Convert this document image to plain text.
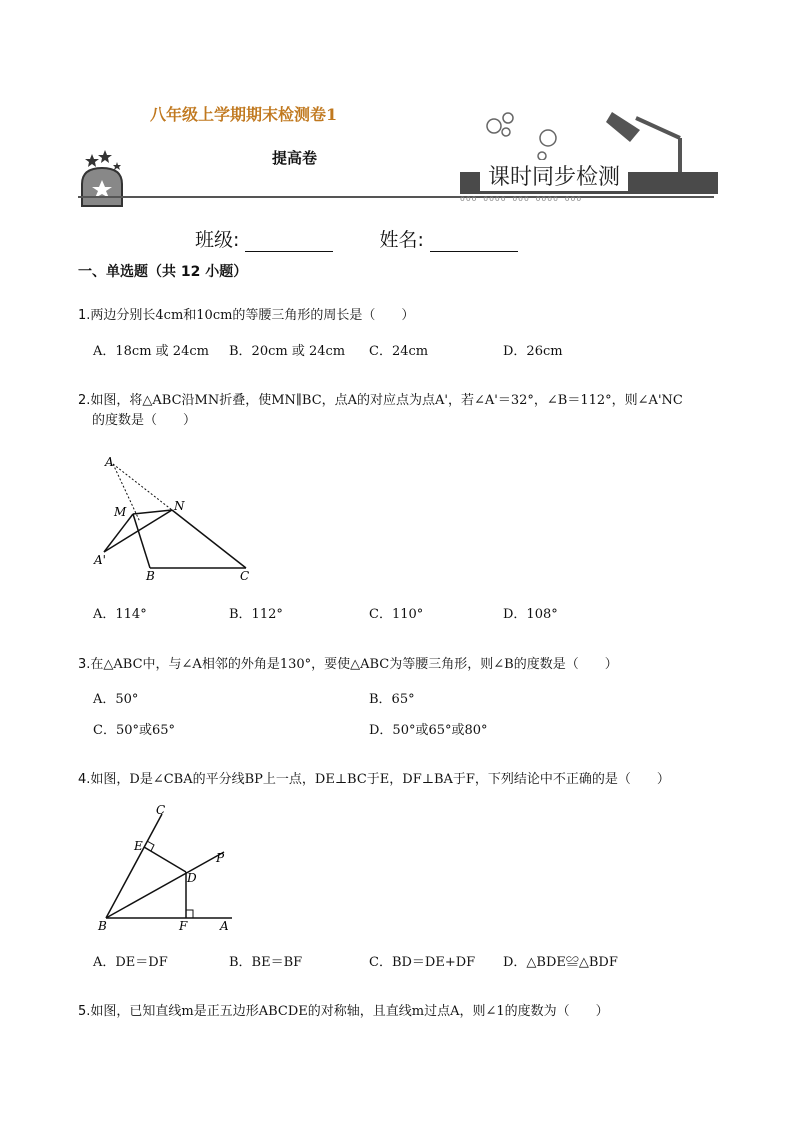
八年级上学期期末检测卷1
提高卷
课时同步检测
ooo oooo ooo oooo ooo
班级:	姓名:
一、单选题（共 12 小题）
1.两边分别长4cm和10cm的等腰三角形的周长是（　　）
A．18cm 或 24cm B．20cm 或 24cm C．24cm	D．26cm
2.如图，将△ABC沿MN折叠，使MN∥BC，点A的对应点为点A'，若∠A'＝32°，∠B＝112°，则∠A'NC
的度数是（　　）
A
M	N
A'
B	C
A．114°	B．112°	C．110°	D．108°
3.在△ABC中，与∠A相邻的外角是130°，要使△ABC为等腰三角形，则∠B的度数是（　　）
A．50°	B．65°
C．50°或65°	D．50°或65°或80°
4.如图，D是∠CBA的平分线BP上一点，DE⊥BC于E，DF⊥BA于F，下列结论中不正确的是（　　）
C
E
P
D
B	F	A
A．DE＝DF	B．BE＝BF	C．BD＝DE+DF D．△BDE≌△BDF
5.如图，已知直线m是正五边形ABCDE的对称轴，且直线m过点A，则∠1的度数为（　　）
